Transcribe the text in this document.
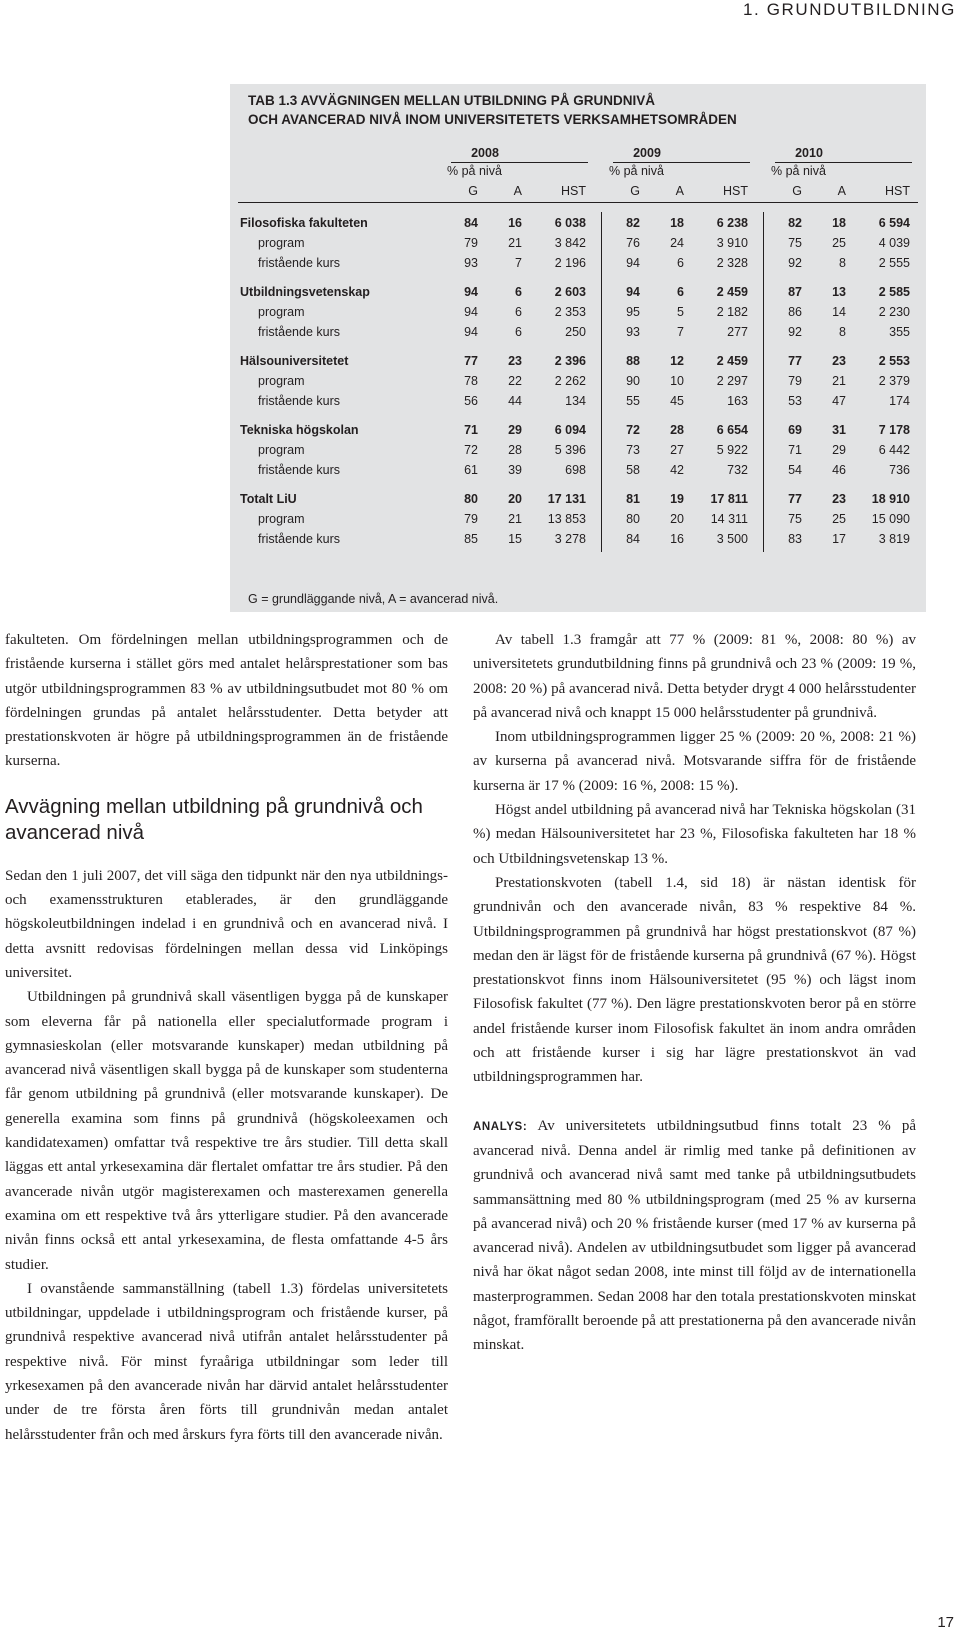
1. GRUNDUTBILDNING
TAB 1.3 AVVÄGNINGEN MELLAN UTBILDNING PÅ GRUNDNIVÅ
OCH AVANCERAD NIVÅ INOM UNIVERSITETETS VERKSAMHETSOMRÅDEN
G = grundläggande nivå, A = avancerad nivå.

fakulteten. Om fördelningen mellan utbildningsprogrammen och de fristående kurserna i stället görs med antalet helårsprestationer som bas utgör utbildningsprogrammen 83 % av utbildningsutbudet mot 80 % om fördelningen grundas på antalet helårsstudenter. Detta betyder att prestationskvoten är högre på utbildningsprogrammen än de fristående kurserna.

Avvägning mellan utbildning på grundnivå och avancerad nivå

Sedan den 1 juli 2007, det vill säga den tidpunkt när den nya utbildnings- och examensstrukturen etablerades, är den grundläggande högskoleutbildningen indelad i en grundnivå och en avancerad nivå. I detta avsnitt redovisas fördelningen mellan dessa vid Linköpings universitet.

Utbildningen på grundnivå skall väsentligen bygga på de kunskaper som eleverna får på nationella eller specialutformade program i gymnasieskolan (eller motsvarande kunskaper) medan utbildning på avancerad nivå väsentligen skall bygga på de kunskaper som studenterna får genom utbildning på grundnivå (eller motsvarande kunskaper). De generella examina som finns på grundnivå (högskoleexamen och kandidatexamen) omfattar två respektive tre års studier. Till detta skall läggas ett antal yrkesexamina där flertalet omfattar tre års studier. På den avancerade nivån utgör magisterexamen och masterexamen generella examina om ett respektive två års ytterligare studier. På den avancerade nivån finns också ett antal yrkesexamina, de flesta omfattande 4-5 års studier.

I ovanstående sammanställning (tabell 1.3) fördelas universitetets utbildningar, uppdelade i utbildningsprogram och fristående kurser, på grundnivå respektive avancerad nivå utifrån antalet helårsstudenter på respektive nivå. För minst fyraåriga utbildningar som leder till yrkesexamen på den avancerade nivån har därvid antalet helårsstudenter under de tre första åren förts till grundnivån medan antalet helårsstudenter från och med årskurs fyra förts till den avancerade nivån.

Av tabell 1.3 framgår att 77 % (2009: 81 %, 2008: 80 %) av universitetets grundutbildning finns på grundnivå och 23 % (2009: 19 %, 2008: 20 %) på avancerad nivå. Detta betyder drygt 4 000 helårsstudenter på avancerad nivå och knappt 15 000 helårsstudenter på grundnivå.

Inom utbildningsprogrammen ligger 25 % (2009: 20 %, 2008: 21 %) av kurserna på avancerad nivå. Motsvarande siffra för de fristående kurserna är 17 % (2009: 16 %, 2008: 15 %).

Högst andel utbildning på avancerad nivå har Tekniska högskolan (31 %) medan Hälsouniversitetet har 23 %, Filosofiska fakulteten har 18 % och Utbildningsvetenskap 13 %.

Prestationskvoten (tabell 1.4, sid 18) är nästan identisk för grundnivån och den avancerade nivån, 83 % respektive 84 %. Utbildningsprogrammen på grundnivå har högst prestationskvot (87 %) medan den är lägst för de fristående kurserna på grundnivå (67 %). Högst prestationskvot finns inom Hälsouniversitetet (95 %) och lägst inom Filosofisk fakultet (77 %). Den lägre prestationskvoten beror på en större andel fristående kurser inom Filosofisk fakultet än inom andra områden och att fristående kurser i sig har lägre prestationskvot än vad utbildningsprogrammen har.

ANALYS: Av universitetets utbildningsutbud finns totalt 23 % på avancerad nivå. Denna andel är rimlig med tanke på definitionen av grundnivå och avancerad nivå samt med tanke på utbildningsutbudets sammansättning med 80 % utbildningsprogram (med 25 % av kurserna på avancerad nivå) och 20 % fristående kurser (med 17 % av kurserna på avancerad nivå). Andelen av utbildningsutbudet som ligger på avancerad nivå har ökat något sedan 2008, inte minst till följd av de internationella masterprogrammen. Sedan 2008 har den totala prestationskvoten minskat något, framförallt beroende på att prestationerna på den avancerade nivån minskat.

17
2008
% på nivå
2009
% på nivå
2010
% på nivå
G	A	HST	G	A	HST	G	A	HST
Filosofiska fakulteten	84	16	6 038	82	18	6 238	82	18	6 594
program	79	21	3 842	76	24	3 910	75	25	4 039
fristående kurs	93	7	2 196	94	6	2 328	92	8	2 555
Utbildningsvetenskap	94	6	2 603	94	6	2 459	87	13	2 585
program	94	6	2 353	95	5	2 182	86	14	2 230
fristående kurs	94	6	250	93	7	277	92	8	355
Hälsouniversitetet	77	23	2 396	88	12	2 459	77	23	2 553
program	78	22	2 262	90	10	2 297	79	21	2 379
fristående kurs	56	44	134	55	45	163	53	47	174
Tekniska högskolan	71	29	6 094	72	28	6 654	69	31	7 178
program	72	28	5 396	73	27	5 922	71	29	6 442
fristående kurs	61	39	698	58	42	732	54	46	736
Totalt LiU	80	20	17 131	81	19	17 811	77	23	18 910
program	79	21	13 853	80	20	14 311	75	25	15 090
fristående kurs	85	15	3 278	84	16	3 500	83	17	3 819
